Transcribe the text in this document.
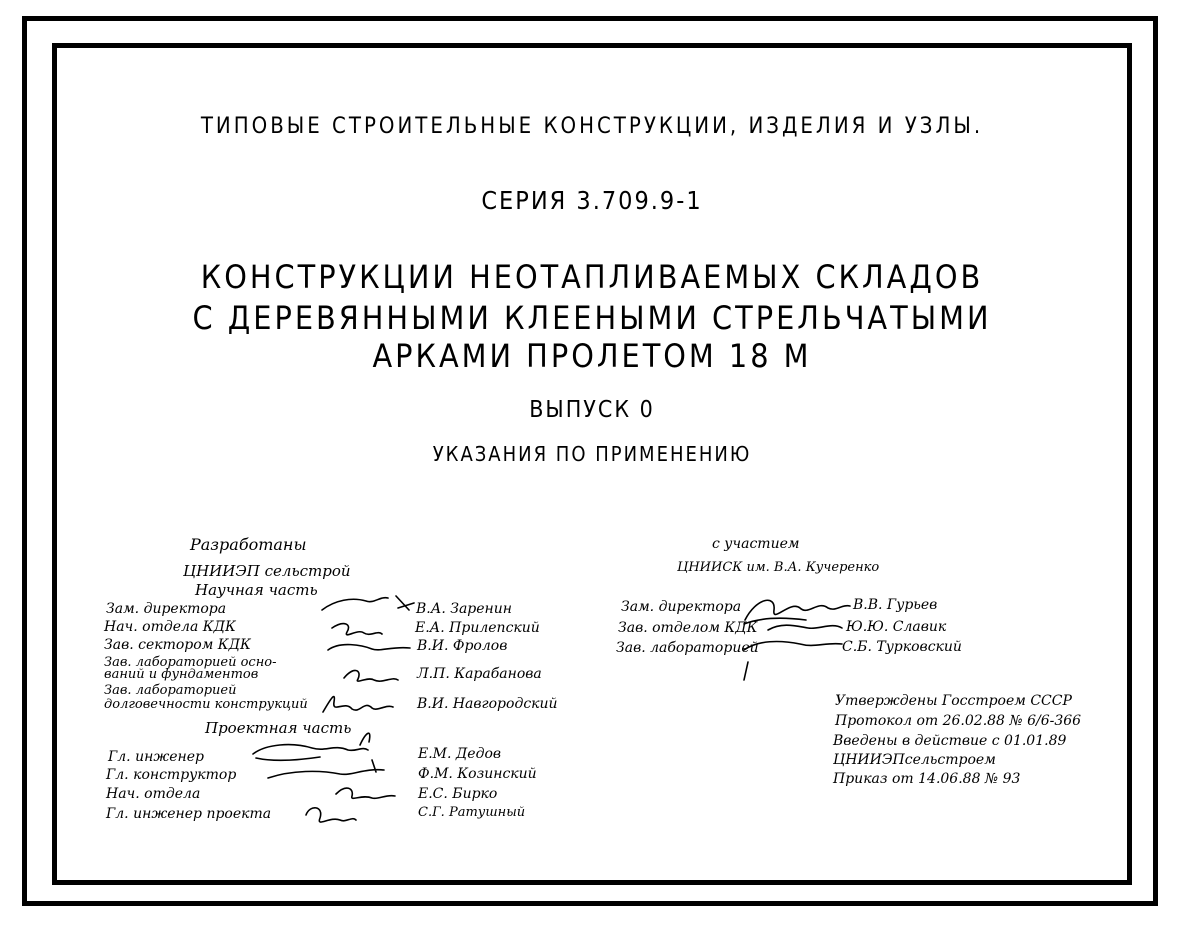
ТИПОВЫЕ СТРОИТЕЛЬНЫЕ КОНСТРУКЦИИ, ИЗДЕЛИЯ И УЗЛЫ.
СЕРИЯ 3.709.9-1
КОНСТРУКЦИИ НЕОТАПЛИВАЕМЫХ СКЛАДОВ
С ДЕРЕВЯННЫМИ КЛЕЕНЫМИ СТРЕЛЬЧАТЫМИ
АРКАМИ ПРОЛЕТОМ 18 М
ВЫПУСК 0
УКАЗАНИЯ ПО ПРИМЕНЕНИЮ
Разработаны
ЦНИИЭП сельстрой
Научная часть
Зам. директора	В.А. Заренин
Нач. отдела КДК	Е.А. Прилепский
Зав. сектором КДК	В.И. Фролов
Зав. лабораторией осно-
ваний и фундаментов	Л.П. Карабанова
Зав. лабораторией
долговечности конструкций	В.И. Навгородский
Проектная часть
Гл. инженер	Е.М. Дедов
Гл. конструктор	Ф.М. Козинский
Нач. отдела	Е.С. Бирко
Гл. инженер проекта	С.Г. Ратушный
с участием
ЦНИИСК им. В.А. Кучеренко
Зам. директора	В.В. Гурьев
Зав. отделом КДК	Ю.Ю. Славик
Зав. лабораторией	С.Б. Турковский
Утверждены Госстроем СССР
Протокол от 26.02.88 № 6/6-366
Введены в действие с 01.01.89
ЦНИИЭПсельстроем
Приказ от 14.06.88 № 93
